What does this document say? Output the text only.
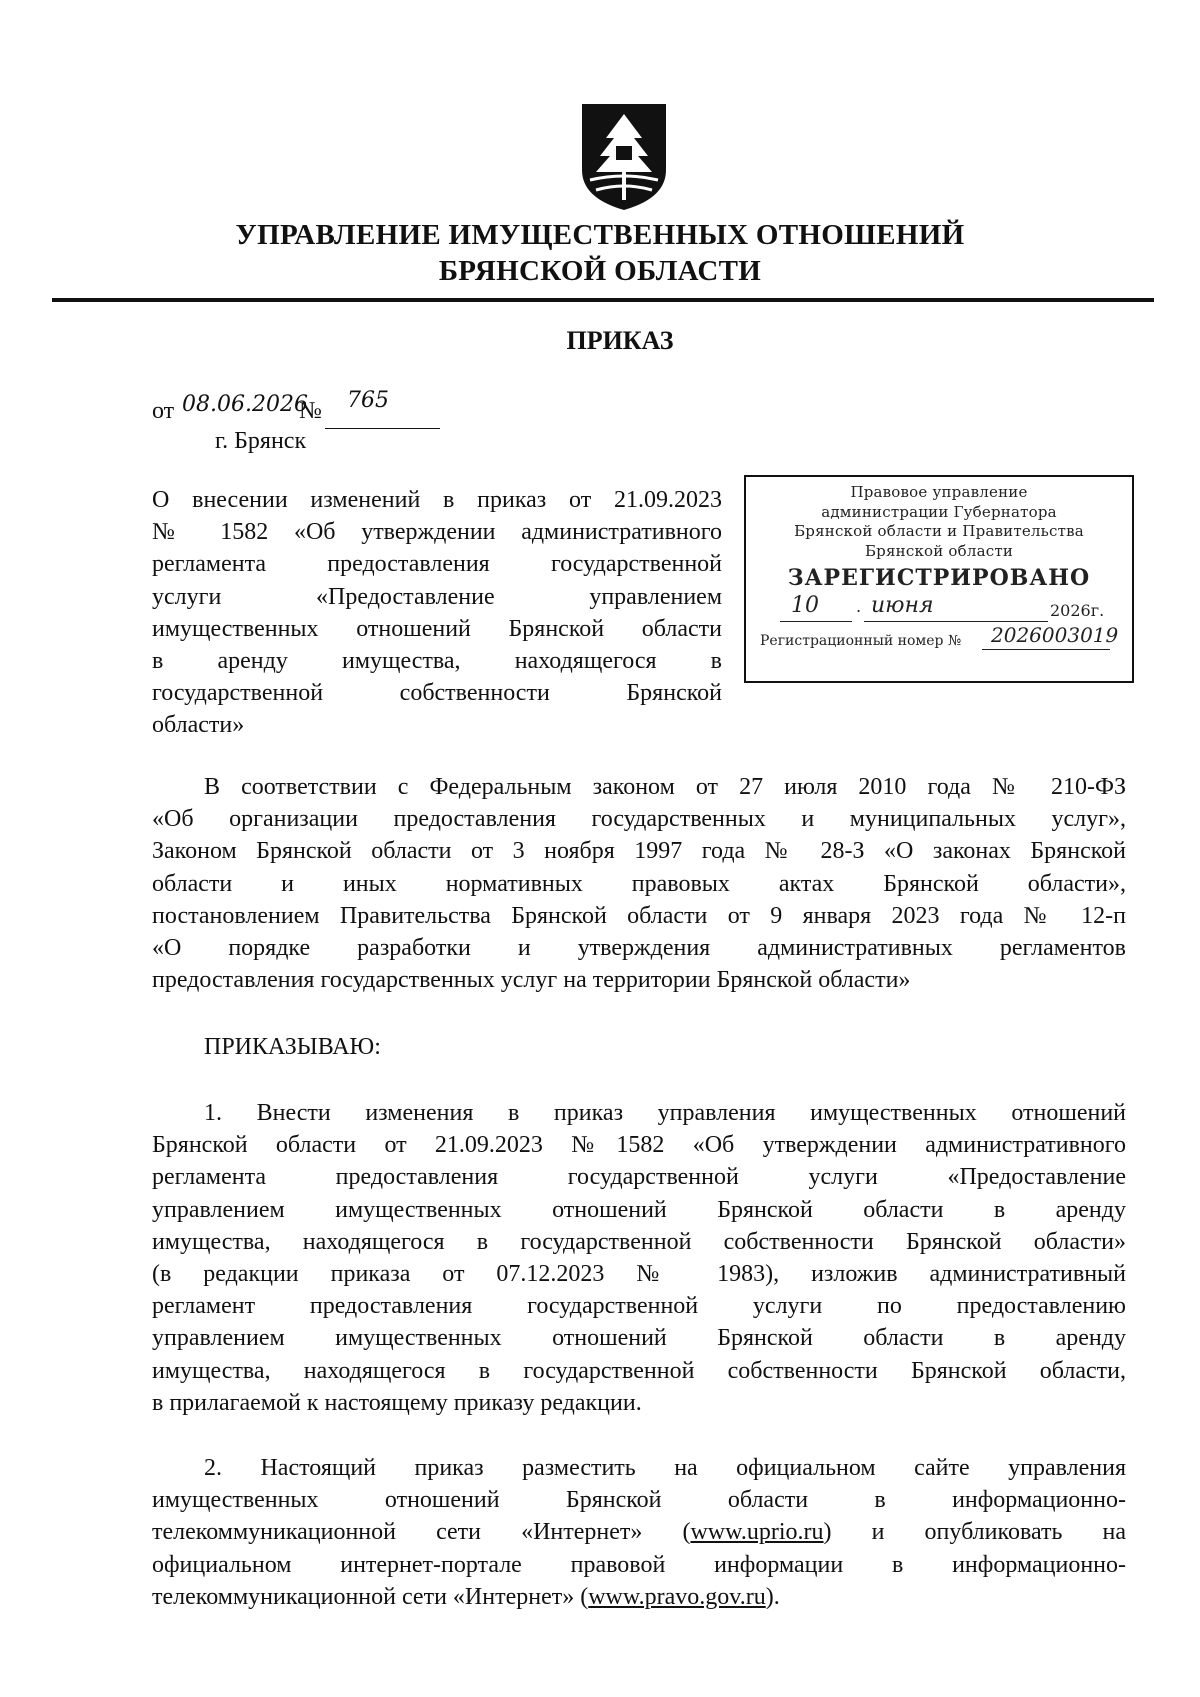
УПРАВЛЕНИЕ ИМУЩЕСТВЕННЫХ ОТНОШЕНИЙ
БРЯНСКОЙ ОБЛАСТИ
ПРИКАЗ
от 08.06.2026
№ 765
г. Брянск
О внесении изменений в приказ от 21.09.2023
№ 1582 «Об утверждении административного
регламента предоставления государственной
услуги «Предоставление управлением
имущественных отношений Брянской области
в аренду имущества, находящегося в
государственной собственности Брянской
области»
Правовое управление
администрации Губернатора
Брянской области и Правительства
Брянской области
ЗАРЕГИСТРИРОВАНО
10 . июня	2026г.
Регистрационный номер № 2026003019
В соответствии с Федеральным законом от 27 июля 2010 года № 210-ФЗ
«Об организации предоставления государственных и муниципальных услуг»,
Законом Брянской области от 3 ноября 1997 года № 28-З «О законах Брянской
области и иных нормативных правовых актах Брянской области»,
постановлением Правительства Брянской области от 9 января 2023 года № 12-п
«О порядке разработки и утверждения административных регламентов
предоставления государственных услуг на территории Брянской области»
ПРИКАЗЫВАЮ:
1. Внести изменения в приказ управления имущественных отношений
Брянской области от 21.09.2023 №1582 «Об утверждении административного
регламента предоставления государственной услуги «Предоставление
управлением имущественных отношений Брянской области в аренду
имущества, находящегося в государственной собственности Брянской области»
(в редакции приказа от 07.12.2023 № 1983), изложив административный
регламент предоставления государственной услуги по предоставлению
управлением имущественных отношений Брянской области в аренду
имущества, находящегося в государственной собственности Брянской области,
в прилагаемой к настоящему приказу редакции.
2. Настоящий приказ разместить на официальном сайте управления
имущественных отношений Брянской области в информационно-
телекоммуникационной сети «Интернет» (www.uprio.ru) и опубликовать на
официальном интернет-портале правовой информации в информационно-
телекоммуникационной сети «Интернет» (www.pravo.gov.ru).
